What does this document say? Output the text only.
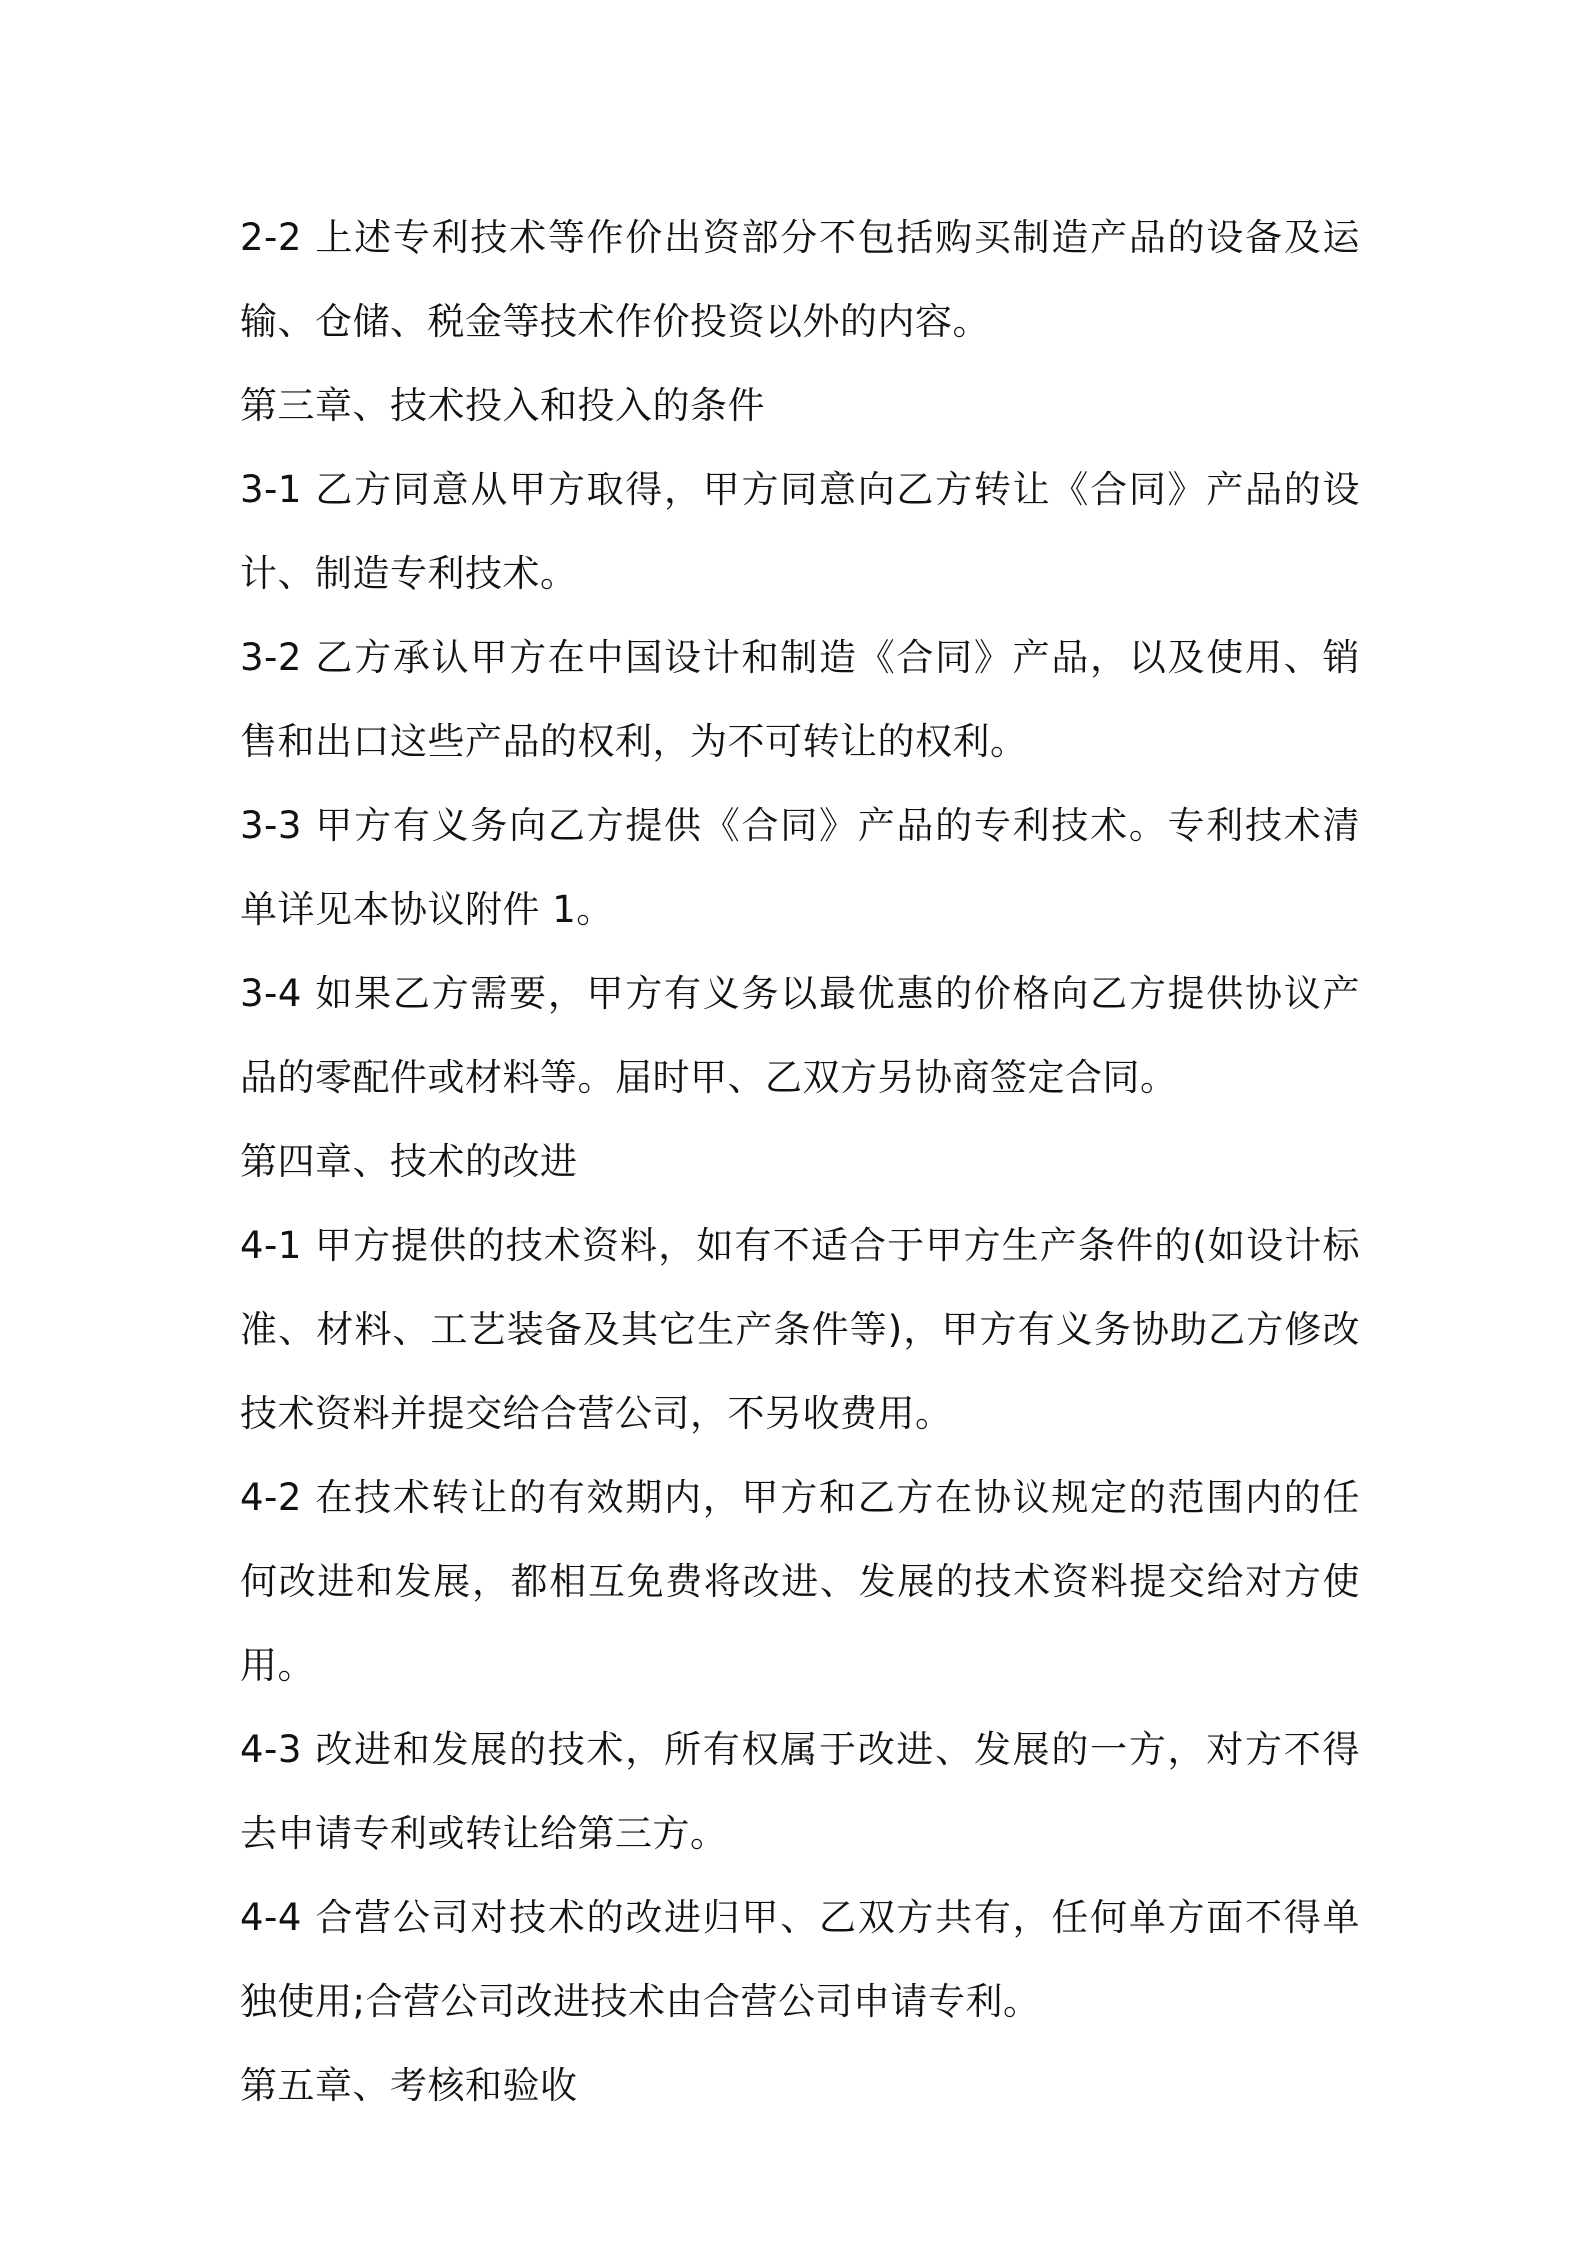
2-2 上述专利技术等作价出资部分不包括购买制造产品的设备及运输、仓储、税金等技术作价投资以外的内容。

第三章、技术投入和投入的条件

3-1 乙方同意从甲方取得，甲方同意向乙方转让《合同》产品的设计、制造专利技术。

3-2 乙方承认甲方在中国设计和制造《合同》产品，以及使用、销售和出口这些产品的权利，为不可转让的权利。

3-3 甲方有义务向乙方提供《合同》产品的专利技术。专利技术清单详见本协议附件 1。

3-4 如果乙方需要，甲方有义务以最优惠的价格向乙方提供协议产品的零配件或材料等。届时甲、乙双方另协商签定合同。

第四章、技术的改进

4-1 甲方提供的技术资料，如有不适合于甲方生产条件的(如设计标准、材料、工艺装备及其它生产条件等)，甲方有义务协助乙方修改技术资料并提交给合营公司，不另收费用。

4-2 在技术转让的有效期内，甲方和乙方在协议规定的范围内的任何改进和发展，都相互免费将改进、发展的技术资料提交给对方使用。

4-3 改进和发展的技术，所有权属于改进、发展的一方，对方不得去申请专利或转让给第三方。

4-4 合营公司对技术的改进归甲、乙双方共有，任何单方面不得单独使用;合营公司改进技术由合营公司申请专利。

第五章、考核和验收
